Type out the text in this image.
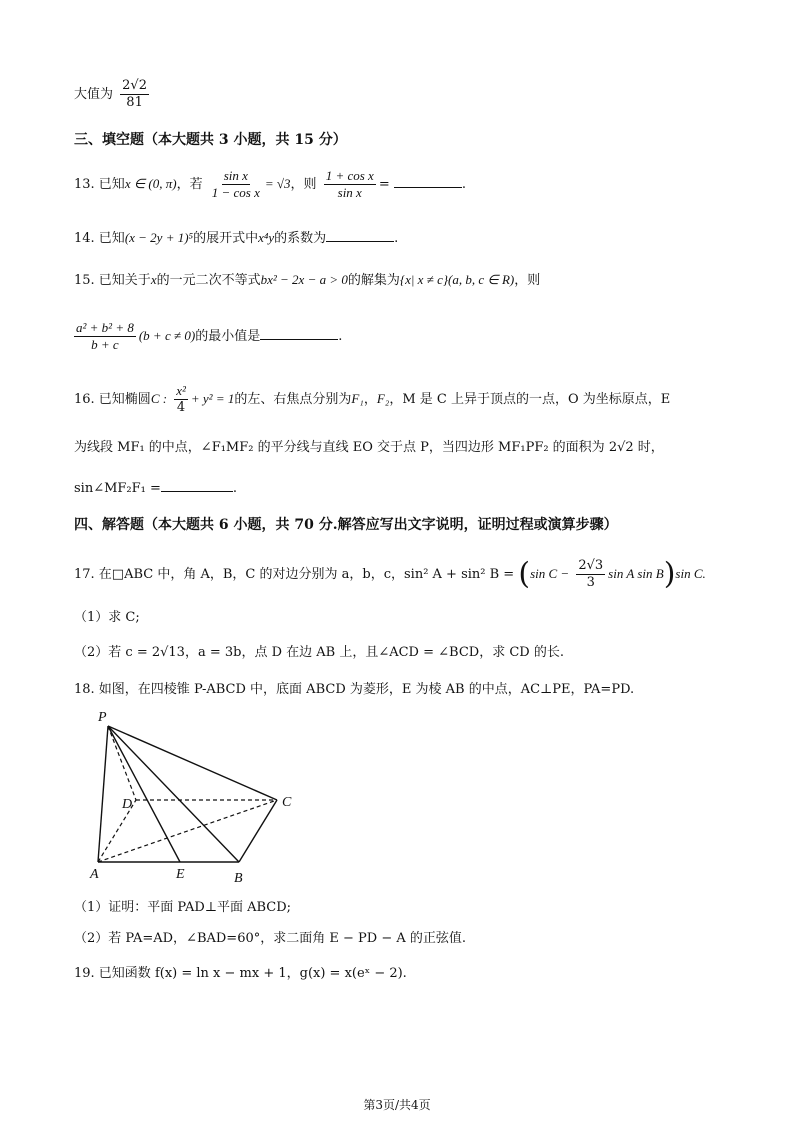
大值为 $\frac{2√2}{81}$
三、填空题（本大题共 3 小题，共 15 分）
13. 已知x ∈ (0, π)，若 $\frac{\text{sin x}}{\text{1 − cos x}} = √3$，则 $\frac{\text{1 + cos x}}{\text{sin x}}$ =	.
14. 已知(x − 2y + 1)⁵的展开式中x⁴y的系数为	.
15. 已知关于x的一元二次不等式bx² − 2x − a > 0的解集为{x| x ≠ c}(a, b, c ∈ R)，则
$\frac{\text{a² + b² + 8}}{b + c} (b + c \ne 0)$的最小值是	.
16. 已知椭圆C : $\frac{\text{x²}}{4} + y^2 = 1$的左、右焦点分别为F₁，F₂，M 是 C 上异于顶点的一点，O 为坐标原点，E
为线段 MF₁ 的中点，∠F₁MF₂ 的平分线与直线 EO 交于点 P，当四边形 MF₁PF₂ 的面积为 2√2 时，
sin∠MF₂F₁ =	.
四、解答题（本大题共 6 小题，共 70 分.解答应写出文字说明，证明过程或演算步骤）
17. 在□ABC 中，角 A，B，C 的对边分别为 a，b，c，sin² A + sin² B = (sin $C - \frac{2√3}{3}$ sin A sin B)sin C.
（1）求 C;
（2）若 c = 2√13，a = 3b，点 D 在边 AB 上，且∠ACD = ∠BCD，求 CD 的长.
18. 如图，在四棱锥 P-ABCD 中，底面 ABCD 为菱形，E 为棱 AB 的中点，AC⊥PE，PA=PD.
P
D	C
A	E	B
（1）证明：平面 PAD⊥平面 ABCD;
（2）若 PA=AD，∠BAD=60°，求二面角 E − PD − A 的正弦值.
19. 已知函数 f(x) = ln x − mx + 1，g(x) = x(eˣ − 2).
第3页/共4页
